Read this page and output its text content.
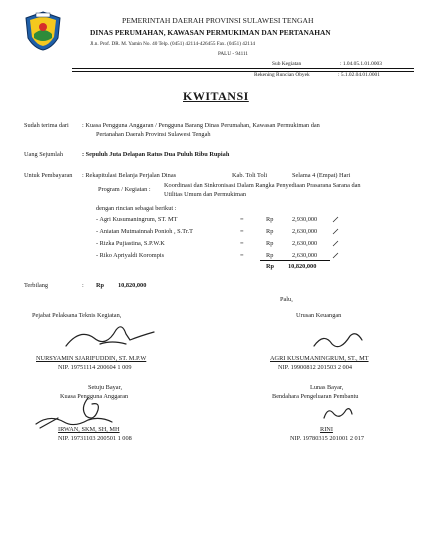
PEMERINTAH DAERAH PROVINSI SULAWESI TENGAH
DINAS PERUMAHAN, KAWASAN PERMUKIMAN DAN PERTANAHAN
Jl.n. Prof. DR. M. Yamin No. 40 Telp. (0451) 42114-426455 Fax. (0451) 42114
PALU - 94111
Sub Kegiatan	: 1.04.05.1.01.0003
Rekening Runcian Obyek	: 5.1.02.04.01.0001
KWITANSI
Sudah terima dari : Kuasa Pengguna Anggaran / Pengguna Barang Dinas Perumahan, Kawasan Permukiman dan
Pertanahan Daerah Provinsi Sulawesi Tengah
Uang Sejumlah	: Sepuluh Juta Delapan Ratus Dua Puluh Ribu Rupiah
Untuk Pembayaran : Rekapitulasi Belanja Perjalan Dinas	Kab. Toli Toli	Selama 4 (Empat) Hari
Program / Kegiatan :
Koordinasi dan Sinkronisasi Dalam Rangka Penyediaan Prasarana Sarana dan
Utilitas Umum dan Permukiman
dengan rincian sebagai berikut :
- Agri Kusumaningrum, ST. MT	=	Rp	2,930,000
- Aniatan Mutmainnah Ponioh , S.Tr.T	=	Rp	2,630,000
- Rizka Pujiastina, S.P.W.K	=	Rp	2,630,000
- Riko Apriyaldi Korompis	=	Rp	2,630,000
Rp 10,820,000
Terbilang	: Rp 10,820,000
Palu,
Pejabat Pelaksana Teknis Kegiatan,	Urusan Keuangan
NURSYAMIN SJARIFUDDIN, ST. M.P.W
NIP. 19751114 200604 1 009
AGRI KUSUMANINGRUM, ST., MT
NIP. 19900812 201503 2 004
Setuju Bayar,
Kuasa Pengguna Anggaran
Lunas Bayar,
Bendahara Pengeluaran Pembantu
IRWAN, SKM, SH, MH
NIP. 19731103 200501 1 008
RINI
NIP. 19780315 201001 2 017
